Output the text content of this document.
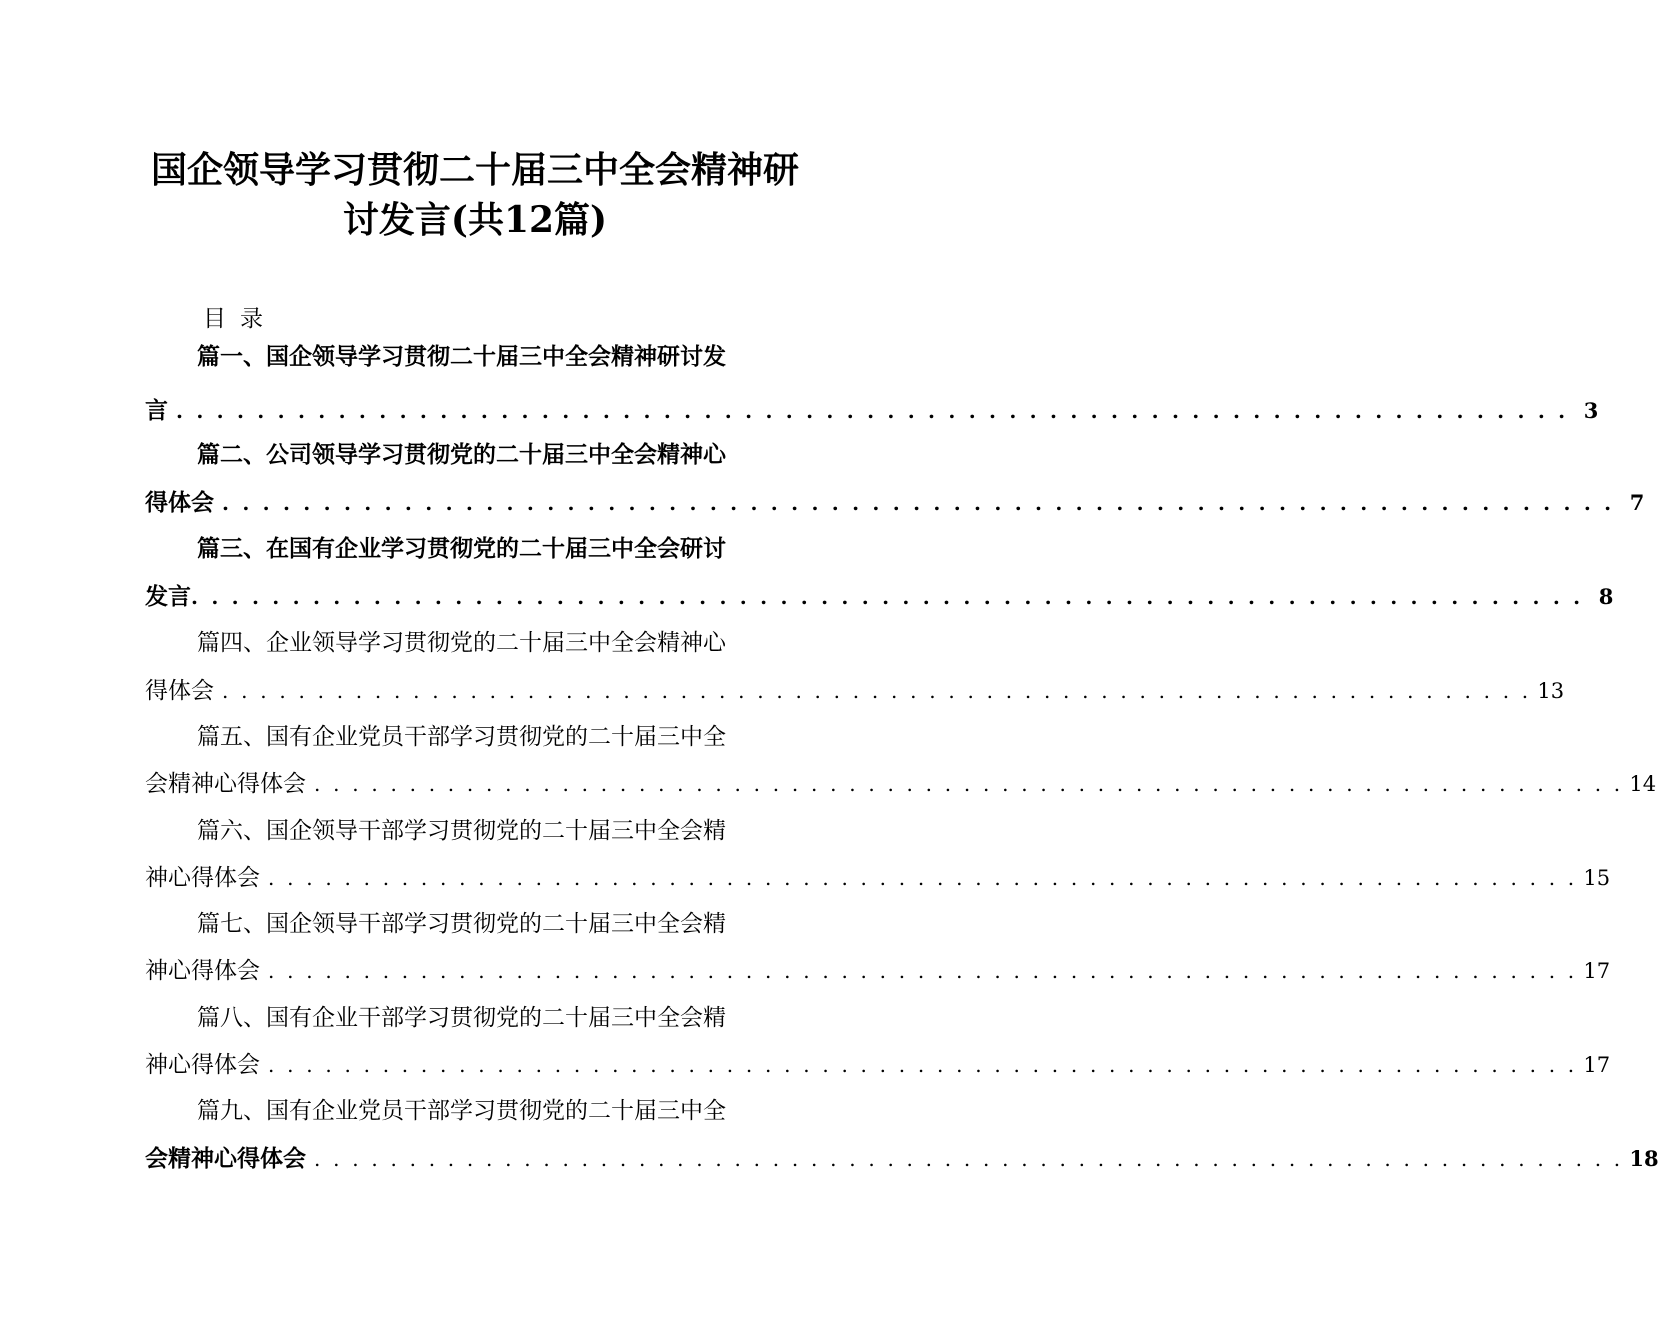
国企领导学习贯彻二十届三中全会精神研
讨发言(共12篇)
目录
篇一、国企领导学习贯彻二十届三中全会精神研讨发
言 . . . . . . . . . . . . . . . . . . . . . . . . . . . . . . . . . . . . . . . . . . . . . . . . . . . . . . . . . . . . . . . . . . . . . 3
篇二、公司领导学习贯彻党的二十届三中全会精神心
得体会 . . . . . . . . . . . . . . . . . . . . . . . . . . . . . . . . . . . . . . . . . . . . . . . . . . . . . . . . . . . . . . . . . . . . . 7
篇三、在国有企业学习贯彻党的二十届三中全会研讨
发言 . . . . . . . . . . . . . . . . . . . . . . . . . . . . . . . . . . . . . . . . . . . . . . . . . . . . . . . . . . . . . . . . . . . . . 8
篇四、企业领导学习贯彻党的二十届三中全会精神心
得体会 . . . . . . . . . . . . . . . . . . . . . . . . . . . . . . . . . . . . . . . . . . . . . . . . . . . . . . . . . . . . . . . . . . . . . 13
篇五、国有企业党员干部学习贯彻党的二十届三中全
会精神心得体会 . . . . . . . . . . . . . . . . . . . . . . . . . . . . . . . . . . . . . . . . . . . . . . . . . . . . . . . . . . . . . . . . . . . . . 14
篇六、国企领导干部学习贯彻党的二十届三中全会精
神心得体会 . . . . . . . . . . . . . . . . . . . . . . . . . . . . . . . . . . . . . . . . . . . . . . . . . . . . . . . . . . . . . . . . . . . . . 15
篇七、国企领导干部学习贯彻党的二十届三中全会精
神心得体会 . . . . . . . . . . . . . . . . . . . . . . . . . . . . . . . . . . . . . . . . . . . . . . . . . . . . . . . . . . . . . . . . . . . . . 17
篇八、国有企业干部学习贯彻党的二十届三中全会精
神心得体会 . . . . . . . . . . . . . . . . . . . . . . . . . . . . . . . . . . . . . . . . . . . . . . . . . . . . . . . . . . . . . . . . . . . . . 17
篇九、国有企业党员干部学习贯彻党的二十届三中全
会精神心得体会 . . . . . . . . . . . . . . . . . . . . . . . . . . . . . . . . . . . . . . . . . . . . . . . . . . . . . . . . . . . . . . . . . . . . . 18
